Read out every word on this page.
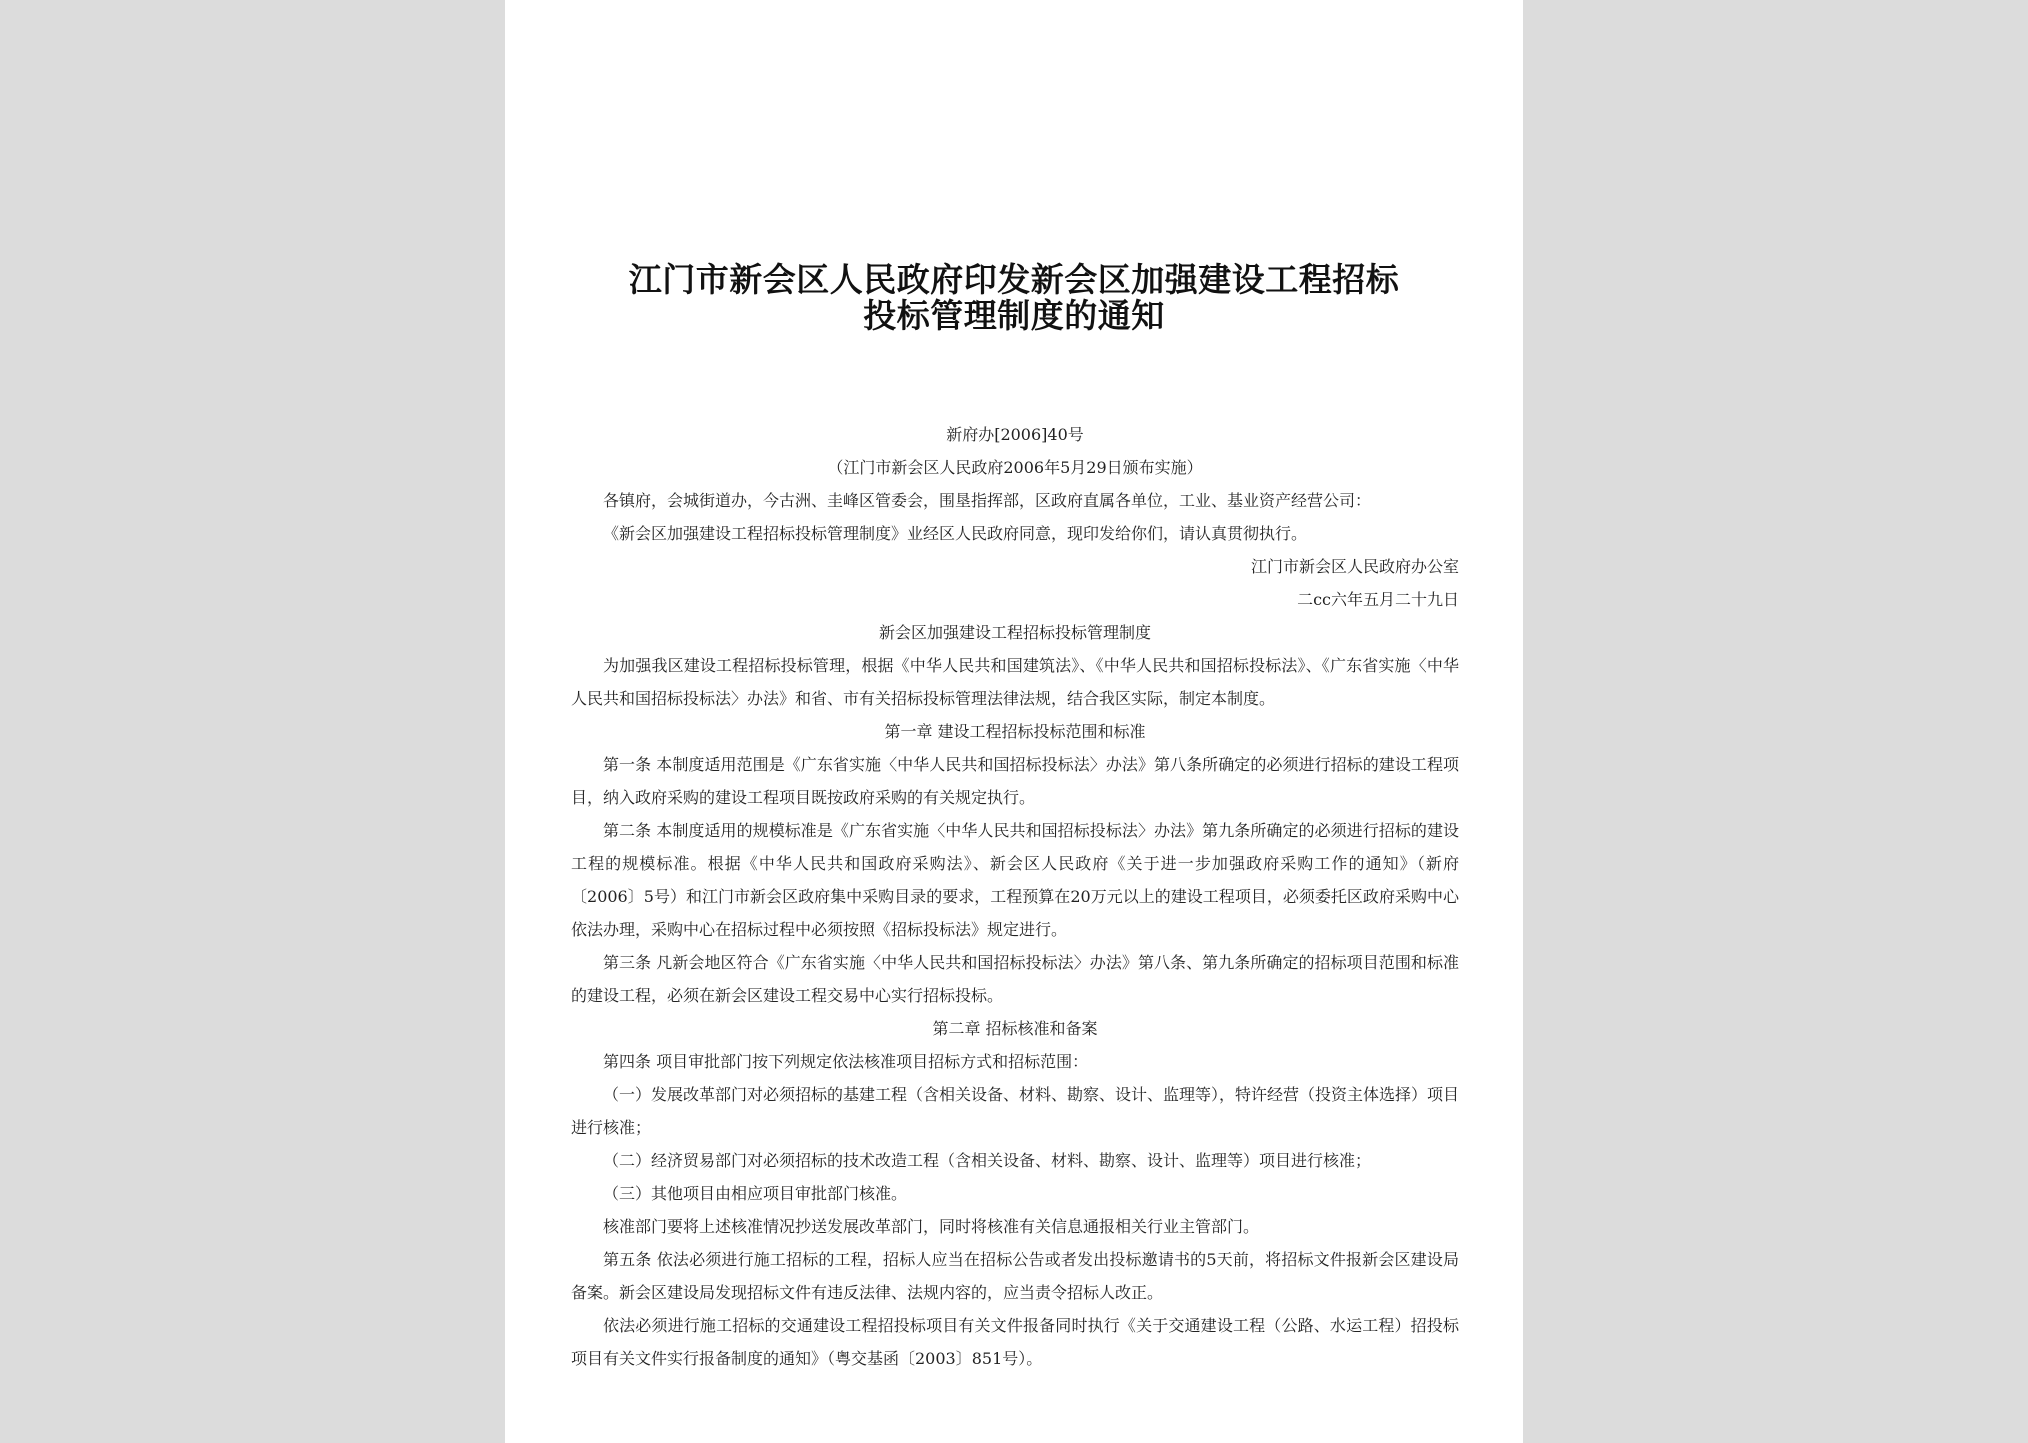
江门市新会区人民政府印发新会区加强建设工程招标
投标管理制度的通知

新府办[2006]40号

（江门市新会区人民政府2006年5月29日颁布实施）

各镇府，会城街道办，今古洲、圭峰区管委会，围垦指挥部，区政府直属各单位，工业、基业资产经营公司：

《新会区加强建设工程招标投标管理制度》业经区人民政府同意，现印发给你们，请认真贯彻执行。

江门市新会区人民政府办公室

二cc六年五月二十九日

新会区加强建设工程招标投标管理制度

为加强我区建设工程招标投标管理，根据《中华人民共和国建筑法》、《中华人民共和国招标投标法》、《广东省实施〈中华人民共和国招标投标法〉办法》和省、市有关招标投标管理法律法规，结合我区实际，制定本制度。

第一章 建设工程招标投标范围和标准

第一条 本制度适用范围是《广东省实施〈中华人民共和国招标投标法〉办法》第八条所确定的必须进行招标的建设工程项目，纳入政府采购的建设工程项目既按政府采购的有关规定执行。

第二条 本制度适用的规模标准是《广东省实施〈中华人民共和国招标投标法〉办法》第九条所确定的必须进行招标的建设工程的规模标准。根据《中华人民共和国政府采购法》、新会区人民政府《关于进一步加强政府采购工作的通知》（新府〔2006〕5号）和江门市新会区政府集中采购目录的要求，工程预算在20万元以上的建设工程项目，必须委托区政府采购中心依法办理，采购中心在招标过程中必须按照《招标投标法》规定进行。

第三条 凡新会地区符合《广东省实施〈中华人民共和国招标投标法〉办法》第八条、第九条所确定的招标项目范围和标准的建设工程，必须在新会区建设工程交易中心实行招标投标。

第二章 招标核准和备案

第四条 项目审批部门按下列规定依法核准项目招标方式和招标范围：

（一）发展改革部门对必须招标的基建工程（含相关设备、材料、勘察、设计、监理等），特许经营（投资主体选择）项目进行核准；

（二）经济贸易部门对必须招标的技术改造工程（含相关设备、材料、勘察、设计、监理等）项目进行核准；

（三）其他项目由相应项目审批部门核准。

核准部门要将上述核准情况抄送发展改革部门，同时将核准有关信息通报相关行业主管部门。

第五条 依法必须进行施工招标的工程，招标人应当在招标公告或者发出投标邀请书的5天前，将招标文件报新会区建设局备案。新会区建设局发现招标文件有违反法律、法规内容的，应当责令招标人改正。

依法必须进行施工招标的交通建设工程招投标项目有关文件报备同时执行《关于交通建设工程（公路、水运工程）招投标项目有关文件实行报备制度的通知》（粤交基函〔2003〕851号）。
